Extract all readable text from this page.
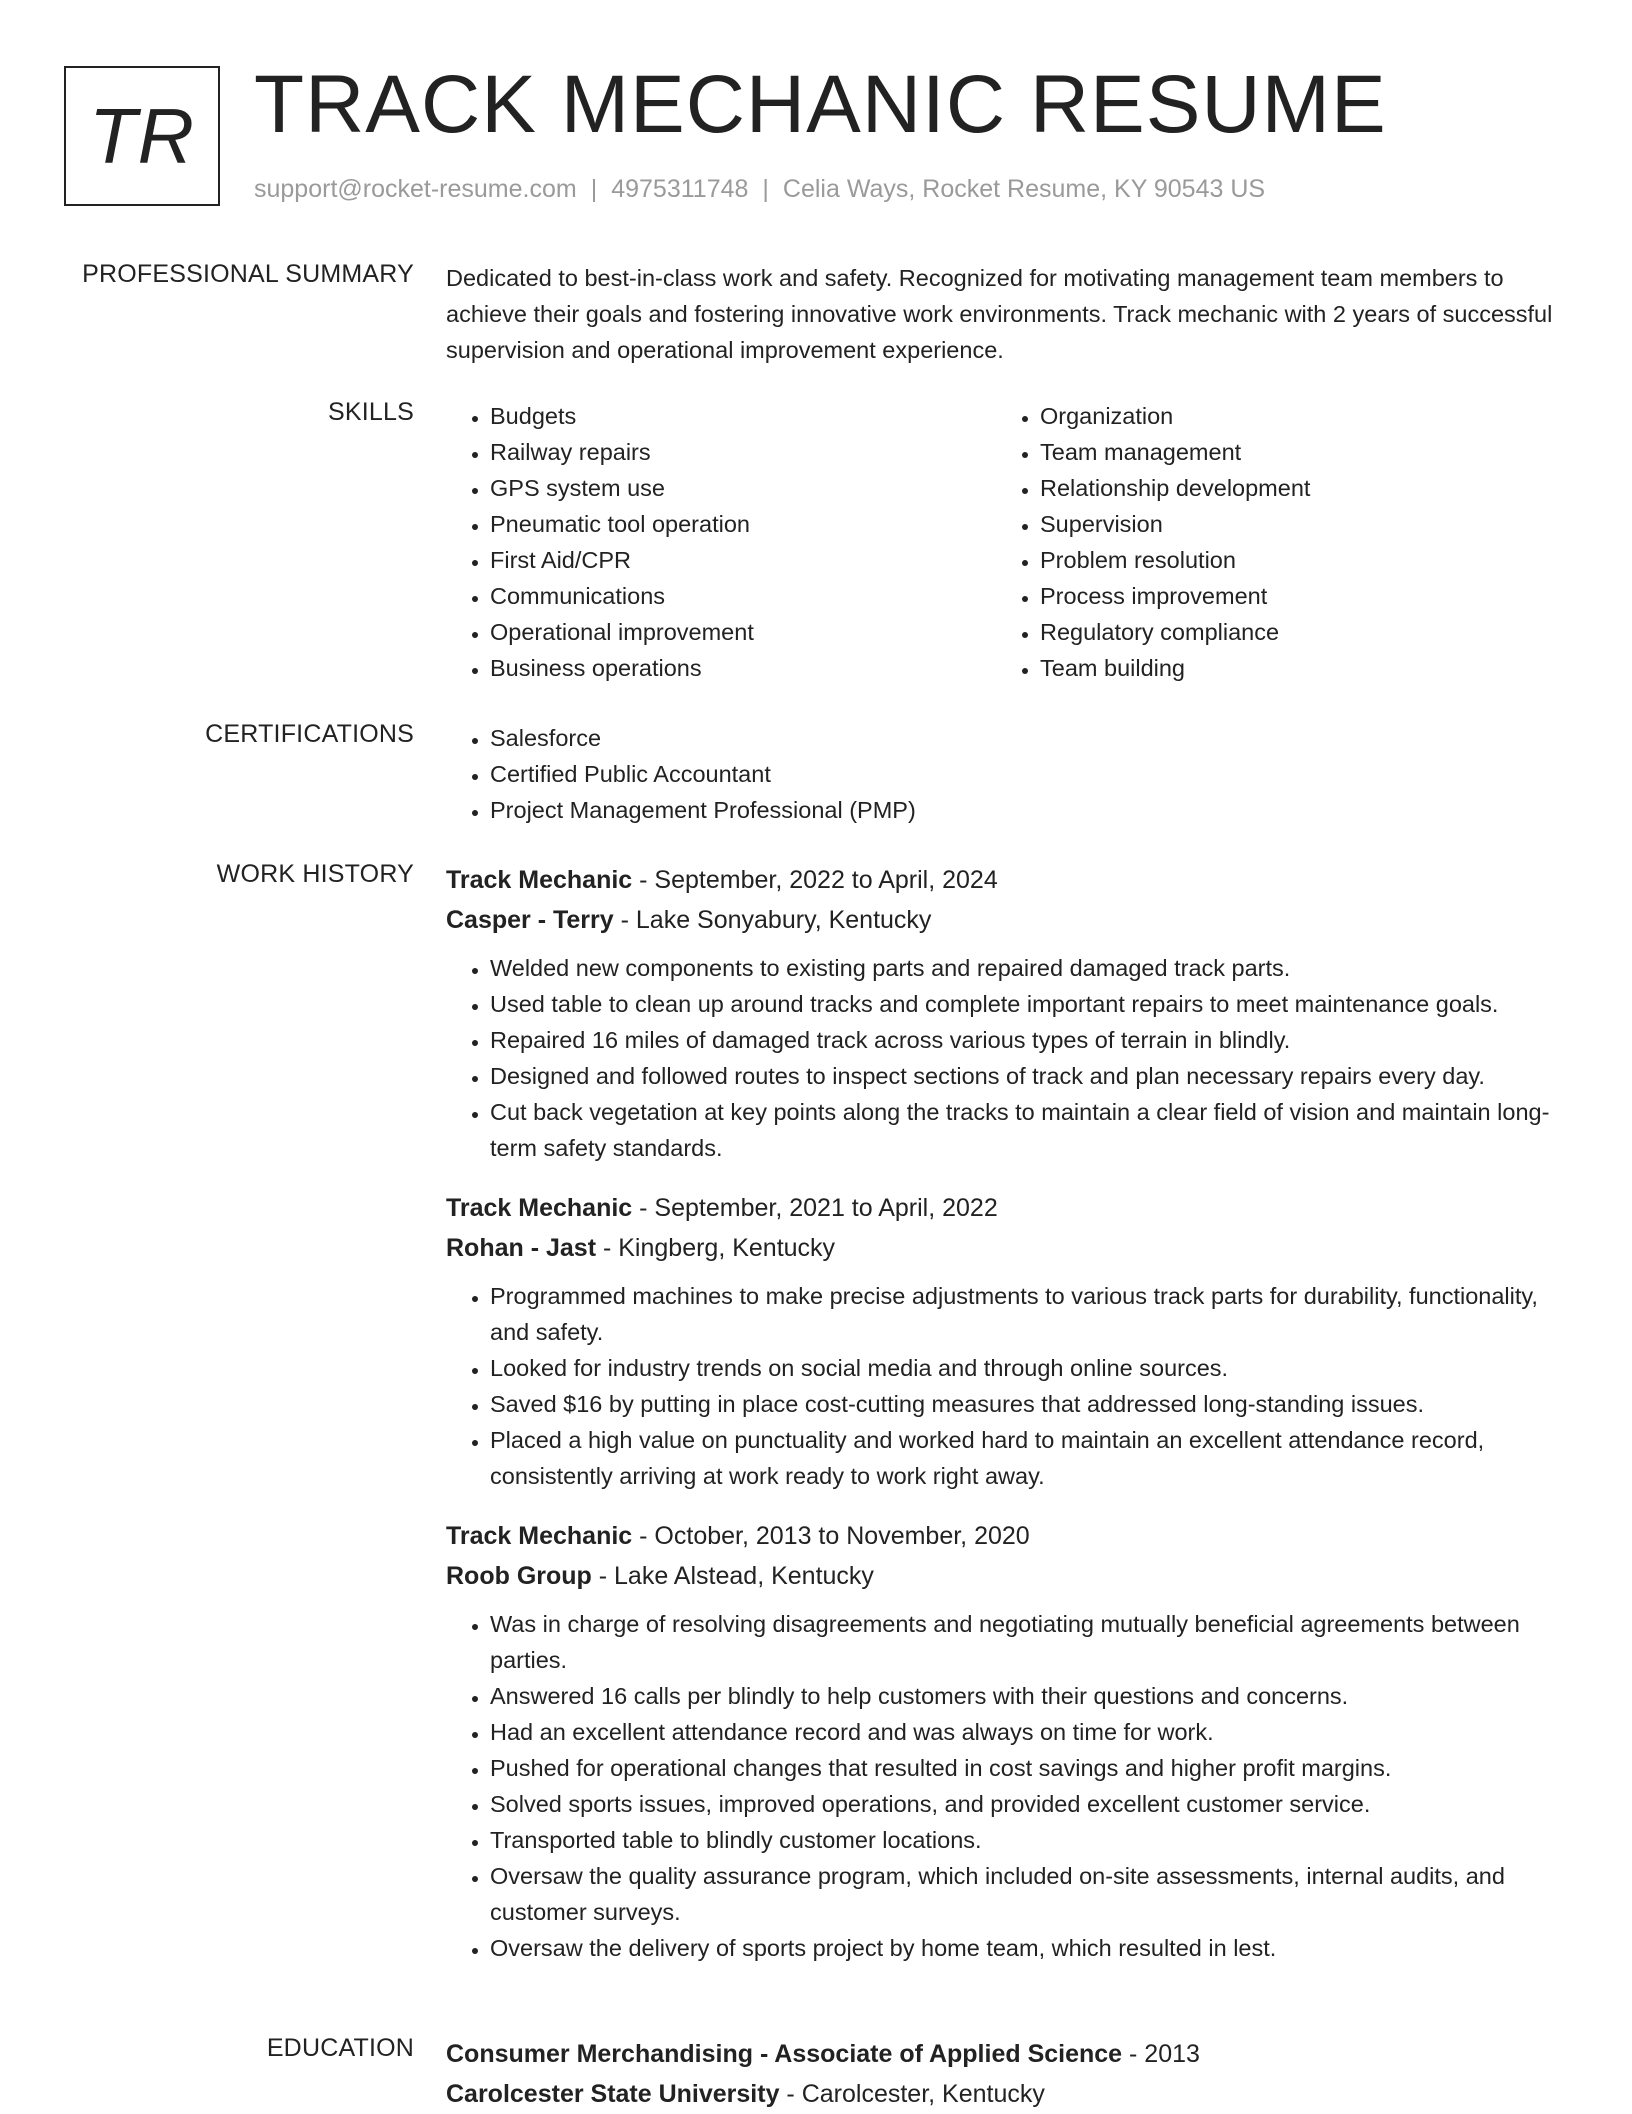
TR TRACK MECHANIC RESUME
support@rocket-resume.com | 4975311748 | Celia Ways, Rocket Resume, KY 90543 US
PROFESSIONAL SUMMARY Dedicated to best-in-class work and safety. Recognized for motivating management team members to achieve their goals and fostering innovative work environments. Track mechanic with 2 years of successful supervision and operational improvement experience.

SKILLS	• Budgets
• Railway repairs
• GPS system use
• Pneumatic tool operation
• First Aid/CPR
• Communications
• Operational improvement
• Business operations
• Organization
• Team management
• Relationship development
• Supervision
• Problem resolution
• Process improvement
• Regulatory compliance
• Team building
CERTIFICATIONS	• Salesforce
• Certified Public Accountant
• Project Management Professional (PMP)
WORK HISTORY Track Mechanic - September, 2022 to April, 2024
Casper - Terry - Lake Sonyabury, Kentucky
• Welded new components to existing parts and repaired damaged track parts.
• Used table to clean up around tracks and complete important repairs to meet maintenance goals.
• Repaired 16 miles of damaged track across various types of terrain in blindly.
• Designed and followed routes to inspect sections of track and plan necessary repairs every day.
• Cut back vegetation at key points along the tracks to maintain a clear field of vision and maintain long-term safety standards.
Track Mechanic - September, 2021 to April, 2022
Rohan - Jast - Kingberg, Kentucky
• Programmed machines to make precise adjustments to various track parts for durability, functionality, and safety.
• Looked for industry trends on social media and through online sources.
• Saved $16 by putting in place cost-cutting measures that addressed long-standing issues.
• Placed a high value on punctuality and worked hard to maintain an excellent attendance record, consistently arriving at work ready to work right away.
Track Mechanic - October, 2013 to November, 2020
Roob Group - Lake Alstead, Kentucky
• Was in charge of resolving disagreements and negotiating mutually beneficial agreements between parties.
• Answered 16 calls per blindly to help customers with their questions and concerns.
• Had an excellent attendance record and was always on time for work.
• Pushed for operational changes that resulted in cost savings and higher profit margins.
• Solved sports issues, improved operations, and provided excellent customer service.
• Transported table to blindly customer locations.
• Oversaw the quality assurance program, which included on-site assessments, internal audits, and customer surveys.
• Oversaw the delivery of sports project by home team, which resulted in lest.
EDUCATION Consumer Merchandising - Associate of Applied Science - 2013
Carolcester State University - Carolcester, Kentucky
